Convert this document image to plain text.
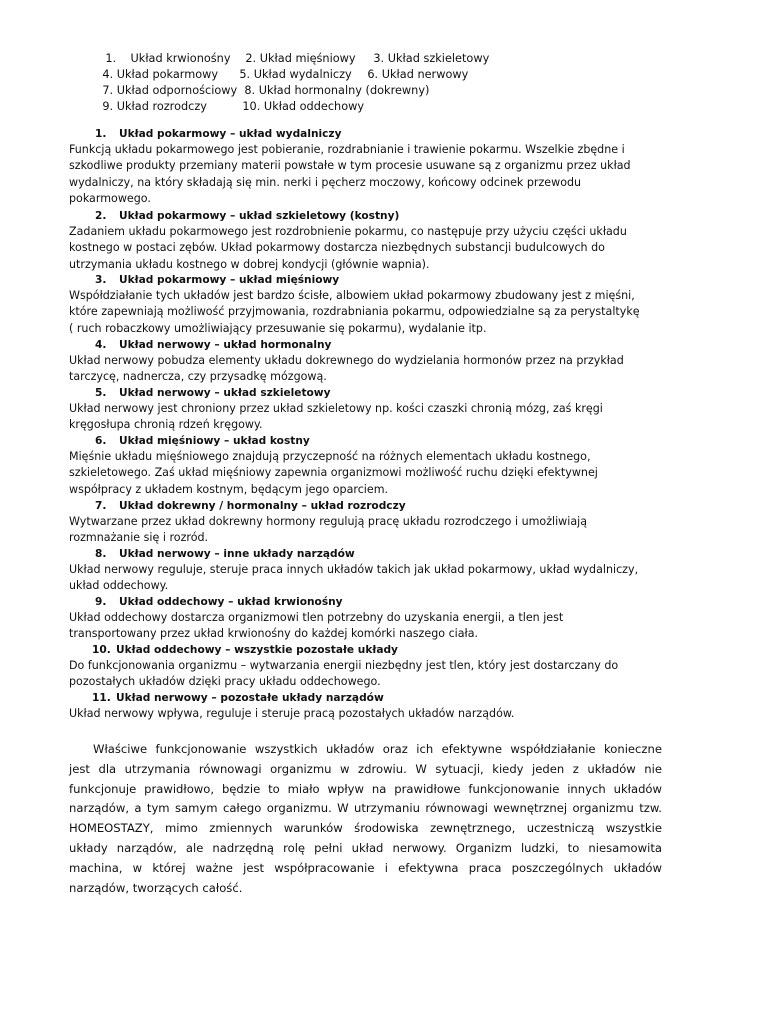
1.    Układ krwionośny 2. Układ mięśniowy 3. Układ szkieletowy

4. Układ pokarmowy 5. Układ wydalniczy 6. Układ nerwowy

7. Układ odpornościowy 8. Układ hormonalny (dokrewny)

9. Układ rozrodczy	10. Układ oddechowy

1. Układ pokarmowy – układ wydalniczy
Funkcją układu pokarmowego jest pobieranie, rozdrabnianie i trawienie pokarmu. Wszelkie zbędne i
szkodliwe produkty przemiany materii powstałe w tym procesie usuwane są z organizmu przez układ
wydalniczy, na który składają się min. nerki i pęcherz moczowy, końcowy odcinek przewodu
pokarmowego.
2. Układ pokarmowy – układ szkieletowy (kostny)
Zadaniem układu pokarmowego jest rozdrobnienie pokarmu, co następuje przy użyciu części układu
kostnego w postaci zębów. Układ pokarmowy dostarcza niezbędnych substancji budulcowych do
utrzymania układu kostnego w dobrej kondycji (głównie wapnia).
3. Układ pokarmowy – układ mięśniowy
Współdziałanie tych układów jest bardzo ścisłe, albowiem układ pokarmowy zbudowany jest z mięśni,
które zapewniają możliwość przyjmowania, rozdrabniania pokarmu, odpowiedzialne są za perystaltykę
( ruch robaczkowy umożliwiający przesuwanie się pokarmu), wydalanie itp.
4. Układ nerwowy – układ hormonalny
Układ nerwowy pobudza elementy układu dokrewnego do wydzielania hormonów przez na przykład
tarczycę, nadnercza, czy przysadkę mózgową.
5. Układ nerwowy – układ szkieletowy
Układ nerwowy jest chroniony przez układ szkieletowy np. kości czaszki chronią mózg, zaś kręgi
kręgosłupa chronią rdzeń kręgowy.
6. Układ mięśniowy – układ kostny
Mięśnie układu mięśniowego znajdują przyczepność na różnych elementach układu kostnego,
szkieletowego. Zaś układ mięśniowy zapewnia organizmowi możliwość ruchu dzięki efektywnej
współpracy z układem kostnym, będącym jego oparciem.
7. Układ dokrewny / hormonalny – układ rozrodczy
Wytwarzane przez układ dokrewny hormony regulują pracę układu rozrodczego i umożliwiają
rozmnażanie się i rozród.
8. Układ nerwowy – inne układy narządów
Układ nerwowy reguluje, steruje praca innych układów takich jak układ pokarmowy, układ wydalniczy,
układ oddechowy.
9. Układ oddechowy – układ krwionośny
Układ oddechowy dostarcza organizmowi tlen potrzebny do uzyskania energii, a tlen jest
transportowany przez układ krwionośny do każdej komórki naszego ciała.
10. Układ oddechowy – wszystkie pozostałe układy
Do funkcjonowania organizmu – wytwarzania energii niezbędny jest tlen, który jest dostarczany do
pozostałych układów dzięki pracy układu oddechowego.
11. Układ nerwowy – pozostałe układy narządów
Układ nerwowy wpływa, reguluje i steruje pracą pozostałych układów narządów.
Właściwe funkcjonowanie wszystkich układów oraz ich efektywne współdziałanie konieczne
jest dla utrzymania równowagi organizmu w zdrowiu. W sytuacji, kiedy jeden z układów nie
funkcjonuje prawidłowo, będzie to miało wpływ na prawidłowe funkcjonowanie innych układów
narządów, a tym samym całego organizmu. W utrzymaniu równowagi wewnętrznej organizmu tzw.
HOMEOSTAZY, mimo zmiennych warunków środowiska zewnętrznego, uczestniczą wszystkie
układy narządów, ale nadrzędną rolę pełni układ nerwowy. Organizm ludzki, to niesamowita
machina, w której ważne jest współpracowanie i efektywna praca poszczególnych układów
narządów, tworzących całość.
